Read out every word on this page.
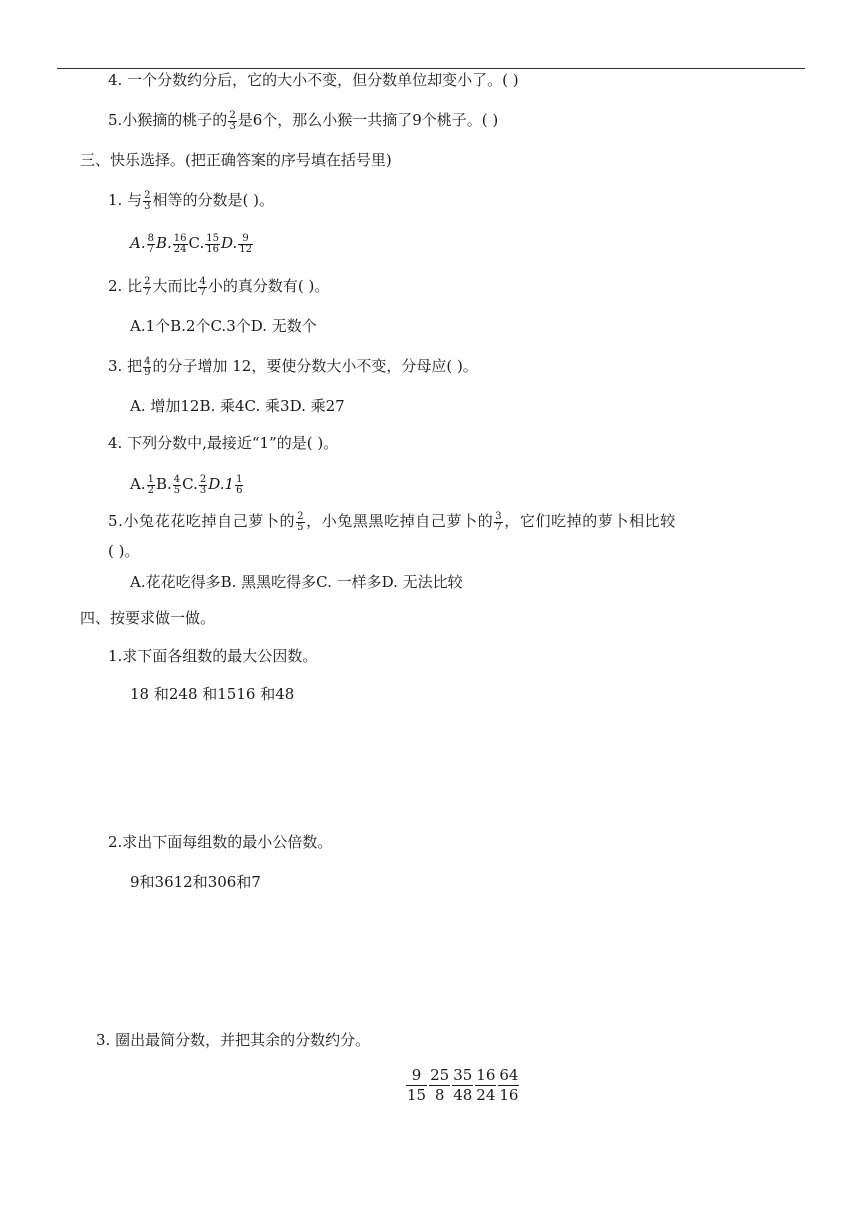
4. 一个分数约分后，它的大小不变，但分数单位却变小了。( )
5.小猴摘的桃子的 $\frac{2}{3}$ 是6个，那么小猴一共摘了9个桃子。( )
三、快乐选择。(把正确答案的序号填在括号里)
1. 与 $\frac{2}{3}$ 相等的分数是( )。
A. $\frac{8}{7} B$. $\frac{16}{24} C$. $\frac{15}{16} D$. $\frac{9}{12}$
2. 比 $\frac{2}{7}$ 大而比 $\frac{4}{7}$ 小的真分数有( )。
A.1个B.2个C.3个D. 无数个
3. 把 $\frac{4}{9}$ 的分子增加 12，要使分数大小不变，分母应( )。
A. 增加12B. 乘4C. 乘3D. 乘27
4. 下列分数中,最接近“1”的是( )。
A. $\frac{1}{2} B$. $\frac{4}{5} C$. $\frac{2}{3} D.1 \frac{1}{6}$
5.小兔花花吃掉自己萝卜的 $\frac{2}{5}$ ，小兔黑黑吃掉自己萝卜的 $\frac{3}{7}$ ，它们吃掉的萝卜相比较
( )。
A.花花吃得多B. 黑黑吃得多C. 一样多D. 无法比较
四、按要求做一做。
1.求下面各组数的最大公因数。
18 和248 和1516 和48
2.求出下面每组数的最小公倍数。
9和3612和306和7
3. 圈出最简分数，并把其余的分数约分。
$\frac{9}{15} \frac{25}{8} \frac{35}{48} \frac{16}{24} \frac{64}{16}$
